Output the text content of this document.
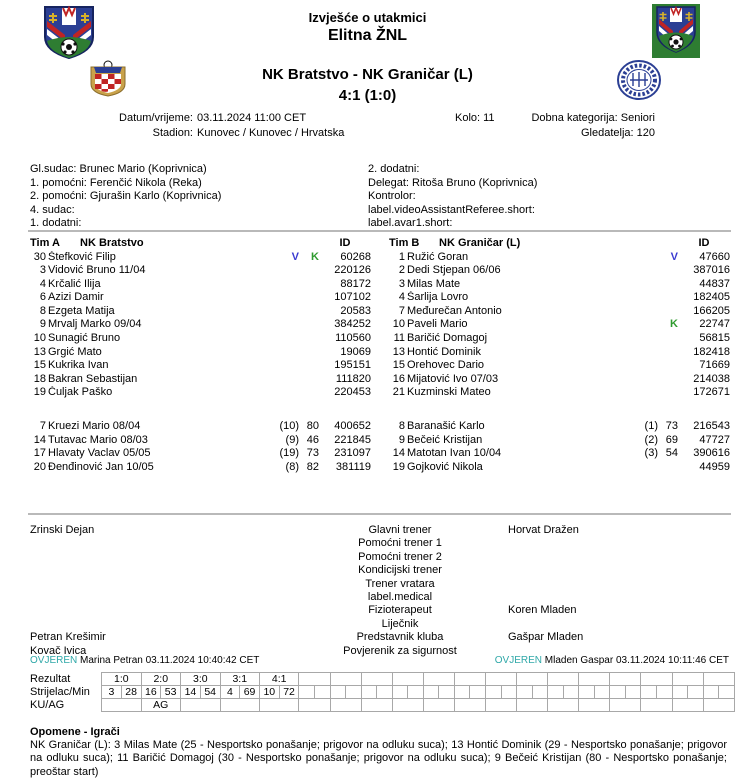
Izvješće o utakmici
Elitna ŽNL
NK Bratstvo - NK Graničar (L)
4:1 (1:0)
Datum/vrijeme: 03.11.2024 11:00 CET
Stadion: Kunovec / Kunovec / Hrvatska
Kolo: 11	Dobna kategorija: Seniori
Gledatelja: 120
Gl.sudac: Brunec Mario (Koprivnica)
1. pomoćni: Ferenčić Nikola (Reka)
2. pomoćni: Gjurašin Karlo (Koprivnica)
4. sudac:
1. dodatni:
2. dodatni:
Delegat: Ritoša Bruno (Koprivnica)
Kontrolor:
label.videoAssistantReferee.short:
label.avar1.short:
Tim A	NK Bratstvo	ID
30 Štefković Filip	V	K	60268
3 Vidović Bruno 11/04	220126
4 Krčalić Ilija	88172
6 Azizi Damir	107102
8 Ezgeta Matija	20583
9 Mrvalj Marko 09/04	384252
10 Sunagić Bruno	110560
13 Grgić Mato	19069
15 Kukrika Ivan	195151
18 Bakran Sebastijan	111820
19 Čuljak Paško	220453
7 Kruezi Mario 08/04	(10) 80	400652
14 Tutavac Mario 08/03	(9) 46	221845
17 Hlavaty Vaclav 05/05	(19) 73	231097
20 Đenđinović Jan 10/05	(8) 82	381119
Tim B	NK Graničar (L)	ID
1 Ružić Goran	V	47660
2 Dedi Stjepan 06/06	387016
3 Milas Mate	44837
4 Šarlija Lovro	182405
7 Međurečan Antonio	166205
10 Paveli Mario	K	22747
11 Baričić Domagoj	56815
13 Hontić Dominik	182418
15 Orehovec Dario	71669
16 Mijatović Ivo 07/03	214038
21 Kuzminski Mateo	172671
8 Baranašić Karlo	(1) 73	216543
9 Bečeić Kristijan	(2) 69	47727
14 Matotan Ivan 10/04	(3) 54	390616
19 Gojković Nikola	44959
Zrinski Dejan	Glavni trener	Horvat Dražen
Pomoćni trener 1
Pomoćni trener 2
Kondicijski trener
Trener vratara
label.medical
Fizioterapeut	Koren Mladen
Liječnik
Petran Krešimir	Predstavnik kluba	Gašpar Mladen
Kovač Ivica	Povjerenik za sigurnost
OVJEREN Marina Petran 03.11.2024 10:40:42 CET	OVJEREN Mladen Gaspar 03.11.2024 10:11:46 CET
Rezultat	1:0		2:0		3:0		3:1		4:1																													
Strijelac/Min	3	28	16	53	14	54	4	69	10	72																												
KU/AG			AG																																			
Opomene - Igrači
NK Graničar (L): 3 Milas Mate (25 - Nesportsko ponašanje; prigovor na odluku suca); 13 Hontić Dominik (29 - Nesportsko ponašanje; prigovor na odluku suca); 11 Baričić Domagoj (30 - Nesportsko ponašanje; prigovor na odluku suca); 9 Bečeić Kristijan (80 - Nesportsko ponašanje; preoštar start)
